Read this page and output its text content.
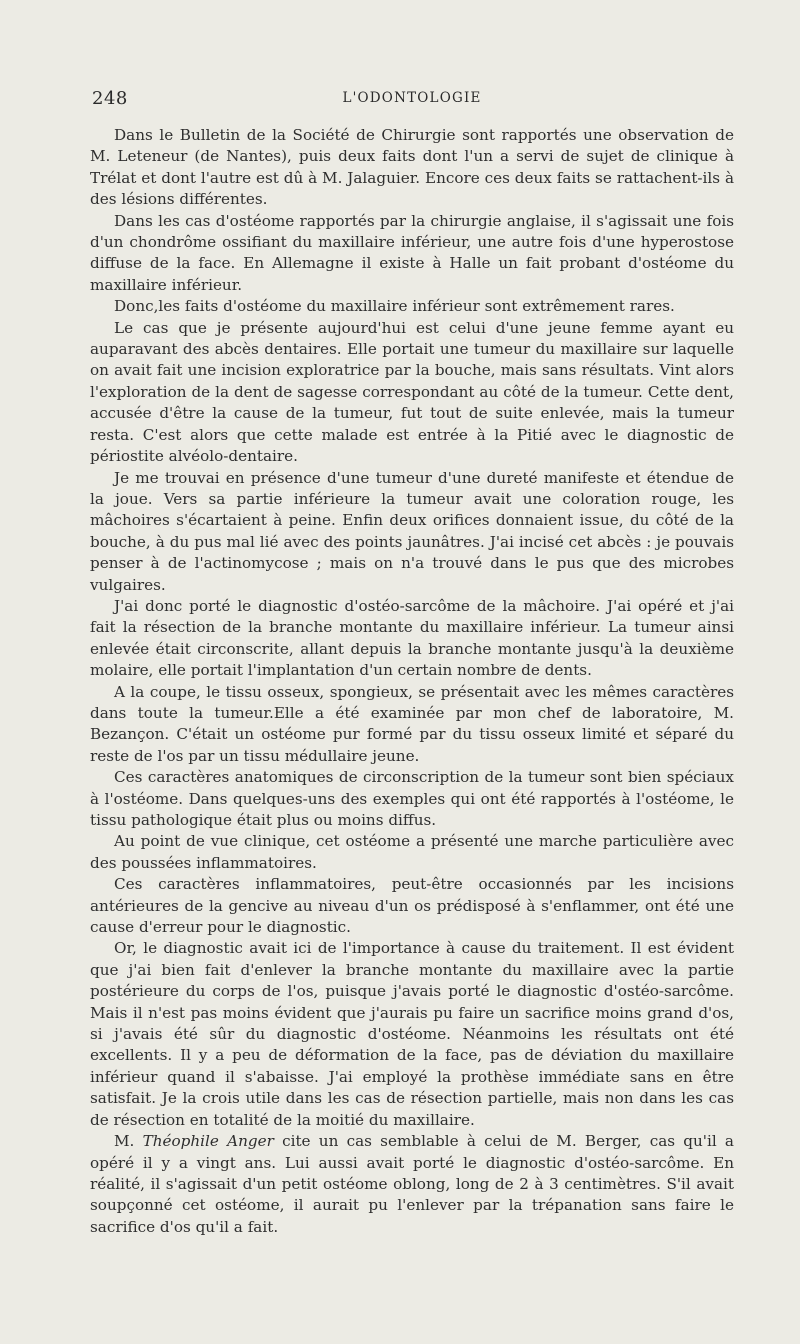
248	L'ODONTOLOGIE

Dans le Bulletin de la Société de Chirurgie sont rapportés une observation de M. Leteneur (de Nantes), puis deux faits dont l'un a servi de sujet de clinique à Trélat et dont l'autre est dû à M. Jalaguier. Encore ces deux faits se rattachent-ils à des lésions différentes.

Dans les cas d'ostéome rapportés par la chirurgie anglaise, il s'agissait une fois d'un chondrôme ossifiant du maxillaire inférieur, une autre fois d'une hyperostose diffuse de la face. En Allemagne il existe à Halle un fait probant d'ostéome du maxillaire inférieur.

Donc,les faits d'ostéome du maxillaire inférieur sont extrêmement rares.

Le cas que je présente aujourd'hui est celui d'une jeune femme ayant eu auparavant des abcès dentaires. Elle portait une tumeur du maxillaire sur laquelle on avait fait une incision exploratrice par la bouche, mais sans résultats. Vint alors l'exploration de la dent de sagesse correspondant au côté de la tumeur. Cette dent, accusée d'être la cause de la tumeur, fut tout de suite enlevée, mais la tumeur resta. C'est alors que cette malade est entrée à la Pitié avec le diagnostic de périostite alvéolo-dentaire.

Je me trouvai en présence d'une tumeur d'une dureté manifeste et étendue de la joue. Vers sa partie inférieure la tumeur avait une coloration rouge, les mâchoires s'écartaient à peine. Enfin deux orifices donnaient issue, du côté de la bouche, à du pus mal lié avec des points jaunâtres. J'ai incisé cet abcès : je pouvais penser à de l'actinomycose ; mais on n'a trouvé dans le pus que des microbes vulgaires.

J'ai donc porté le diagnostic d'ostéo-sarcôme de la mâchoire. J'ai opéré et j'ai fait la résection de la branche montante du maxillaire inférieur. La tumeur ainsi enlevée était circonscrite, allant depuis la branche montante jusqu'à la deuxième molaire, elle portait l'implantation d'un certain nombre de dents.

A la coupe, le tissu osseux, spongieux, se présentait avec les mêmes caractères dans toute la tumeur.Elle a été examinée par mon chef de laboratoire, M. Bezançon. C'était un ostéome pur formé par du tissu osseux limité et séparé du reste de l'os par un tissu médullaire jeune.

Ces caractères anatomiques de circonscription de la tumeur sont bien spéciaux à l'ostéome. Dans quelques-uns des exemples qui ont été rapportés à l'ostéome, le tissu pathologique était plus ou moins diffus.

Au point de vue clinique, cet ostéome a présenté une marche particulière avec des poussées inflammatoires.

Ces caractères inflammatoires, peut-être occasionnés par les incisions antérieures de la gencive au niveau d'un os prédisposé à s'enflammer, ont été une cause d'erreur pour le diagnostic.

Or, le diagnostic avait ici de l'importance à cause du traitement. Il est évident que j'ai bien fait d'enlever la branche montante du maxillaire avec la partie postérieure du corps de l'os, puisque j'avais porté le diagnostic d'ostéo-sarcôme. Mais il n'est pas moins évident que j'aurais pu faire un sacrifice moins grand d'os, si j'avais été sûr du diagnostic d'ostéome. Néanmoins les résultats ont été excellents. Il y a peu de déformation de la face, pas de déviation du maxillaire inférieur quand il s'abaisse. J'ai employé la prothèse immédiate sans en être satisfait. Je la crois utile dans les cas de résection partielle, mais non dans les cas de résection en totalité de la moitié du maxillaire.

M. Théophile Anger cite un cas semblable à celui de M. Berger, cas qu'il a opéré il y a vingt ans. Lui aussi avait porté le diagnostic d'ostéo-sarcôme. En réalité, il s'agissait d'un petit ostéome oblong, long de 2 à 3 centimètres. S'il avait soupçonné cet ostéome, il aurait pu l'enlever par la trépanation sans faire le sacrifice d'os qu'il a fait.
